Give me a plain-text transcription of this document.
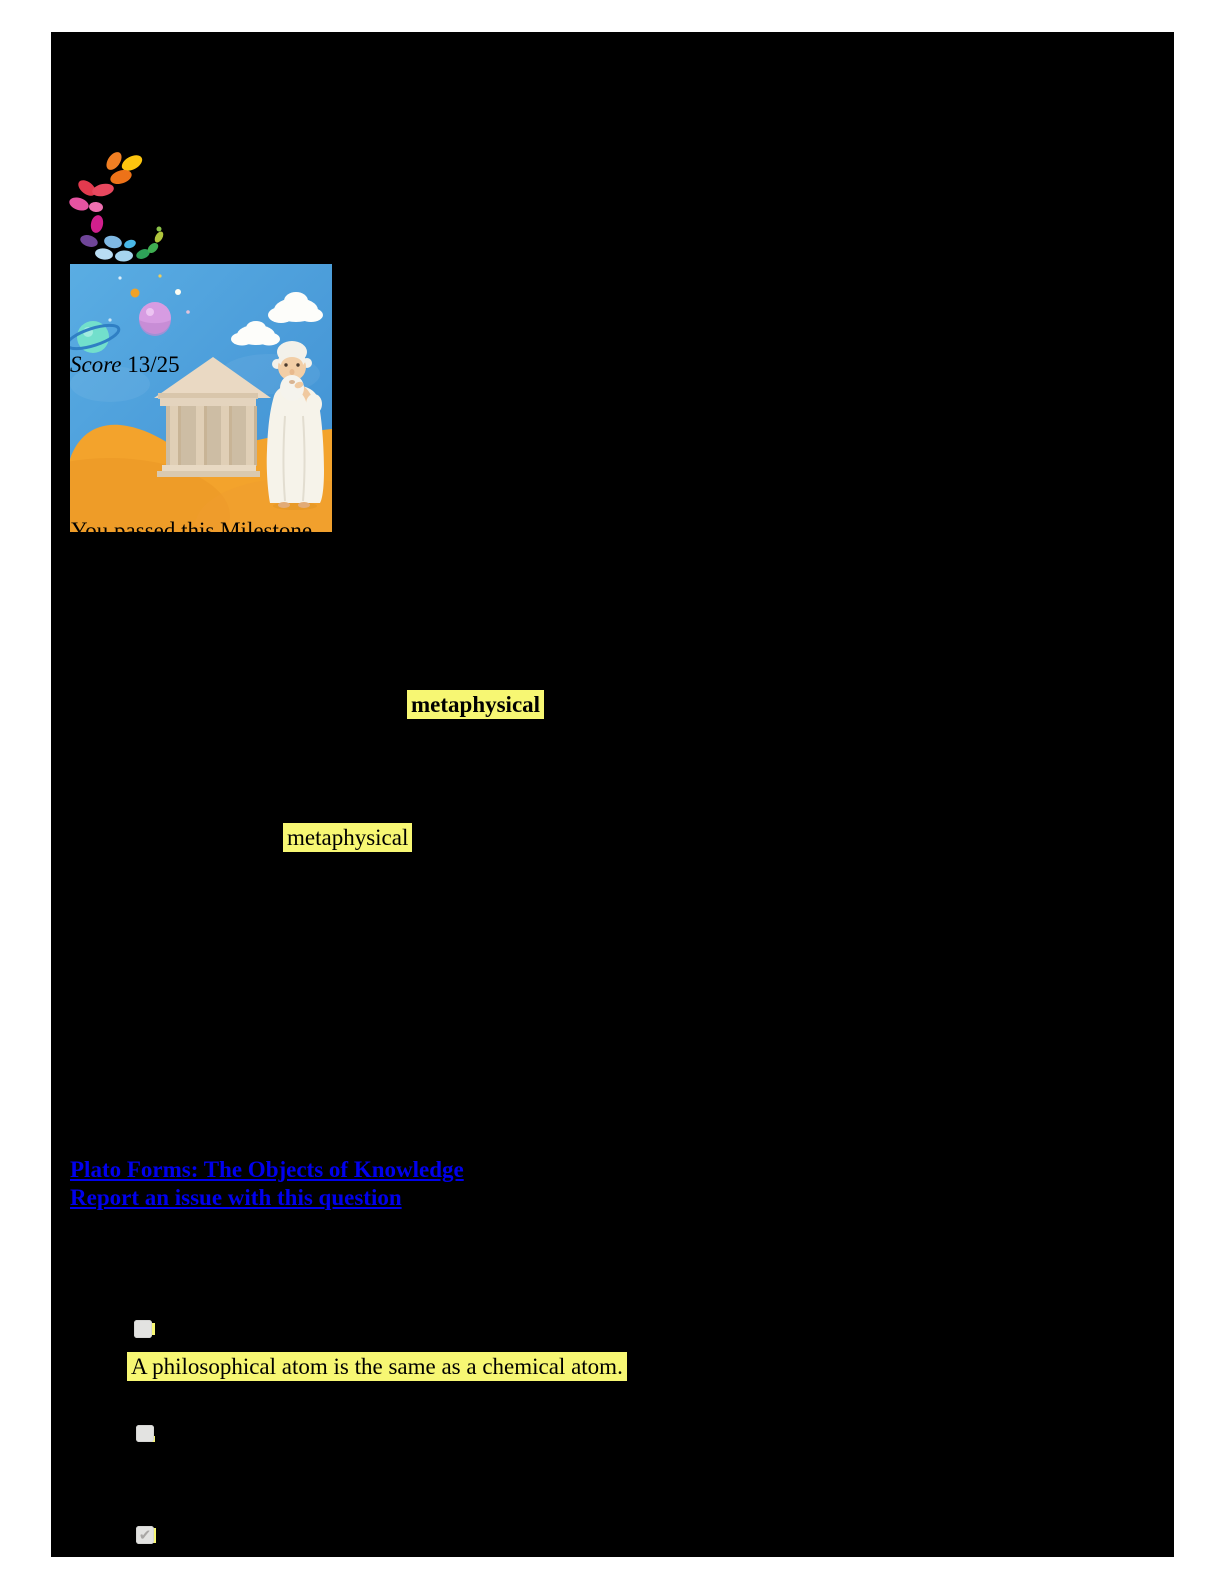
Score 13/25
You passed this Milestone
metaphysical
metaphysical
Plato Forms: The Objects of Knowledge
Report an issue with this question
A philosophical atom is the same as a chemical atom.
✔
